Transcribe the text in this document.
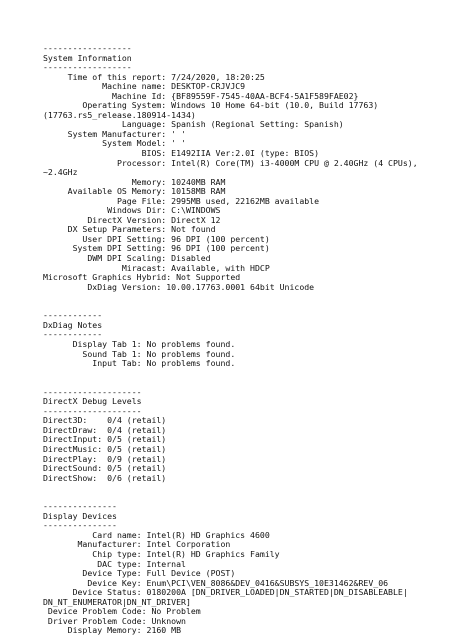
------------------
System Information
------------------
Time of this report: 7/24/2020, 18:20:25
Machine name: DESKTOP-CRJVJC9
Machine Id: {BF89559F-7545-40AA-BCF4-5A1F589FAE02}
Operating System: Windows 10 Home 64-bit (10.0, Build 17763)
(17763.rs5_release.180914-1434)
Language: Spanish (Regional Setting: Spanish)
System Manufacturer: ' '
System Model: ' '
BIOS: E1492IIA Ver:2.0I (type: BIOS)
Processor: Intel(R) Core(TM) i3-4000M CPU @ 2.40GHz (4 CPUs),
~2.4GHz
Memory: 10240MB RAM
Available OS Memory: 10158MB RAM
Page File: 2995MB used, 22162MB available
Windows Dir: C:\WINDOWS
DirectX Version: DirectX 12
DX Setup Parameters: Not found
User DPI Setting: 96 DPI (100 percent)
System DPI Setting: 96 DPI (100 percent)
DWM DPI Scaling: Disabled
Miracast: Available, with HDCP
Microsoft Graphics Hybrid: Not Supported
DxDiag Version: 10.00.17763.0001 64bit Unicode
------------
DxDiag Notes
------------
Display Tab 1: No problems found.
Sound Tab 1: No problems found.
Input Tab: No problems found.
--------------------
DirectX Debug Levels
--------------------
Direct3D:    0/4 (retail)
DirectDraw:  0/4 (retail)
DirectInput: 0/5 (retail)
DirectMusic: 0/5 (retail)
DirectPlay:  0/9 (retail)
DirectSound: 0/5 (retail)
DirectShow:  0/6 (retail)
---------------
Display Devices
---------------
Card name: Intel(R) HD Graphics 4600
Manufacturer: Intel Corporation
Chip type: Intel(R) HD Graphics Family
DAC type: Internal
Device Type: Full Device (POST)
Device Key: Enum\PCI\VEN_8086&DEV_0416&SUBSYS_10E31462&REV_06
Device Status: 0180200A [DN_DRIVER_LOADED|DN_STARTED|DN_DISABLEABLE|
DN_NT_ENUMERATOR|DN_NT_DRIVER]
Device Problem Code: No Problem
Driver Problem Code: Unknown
Display Memory: 2160 MB
